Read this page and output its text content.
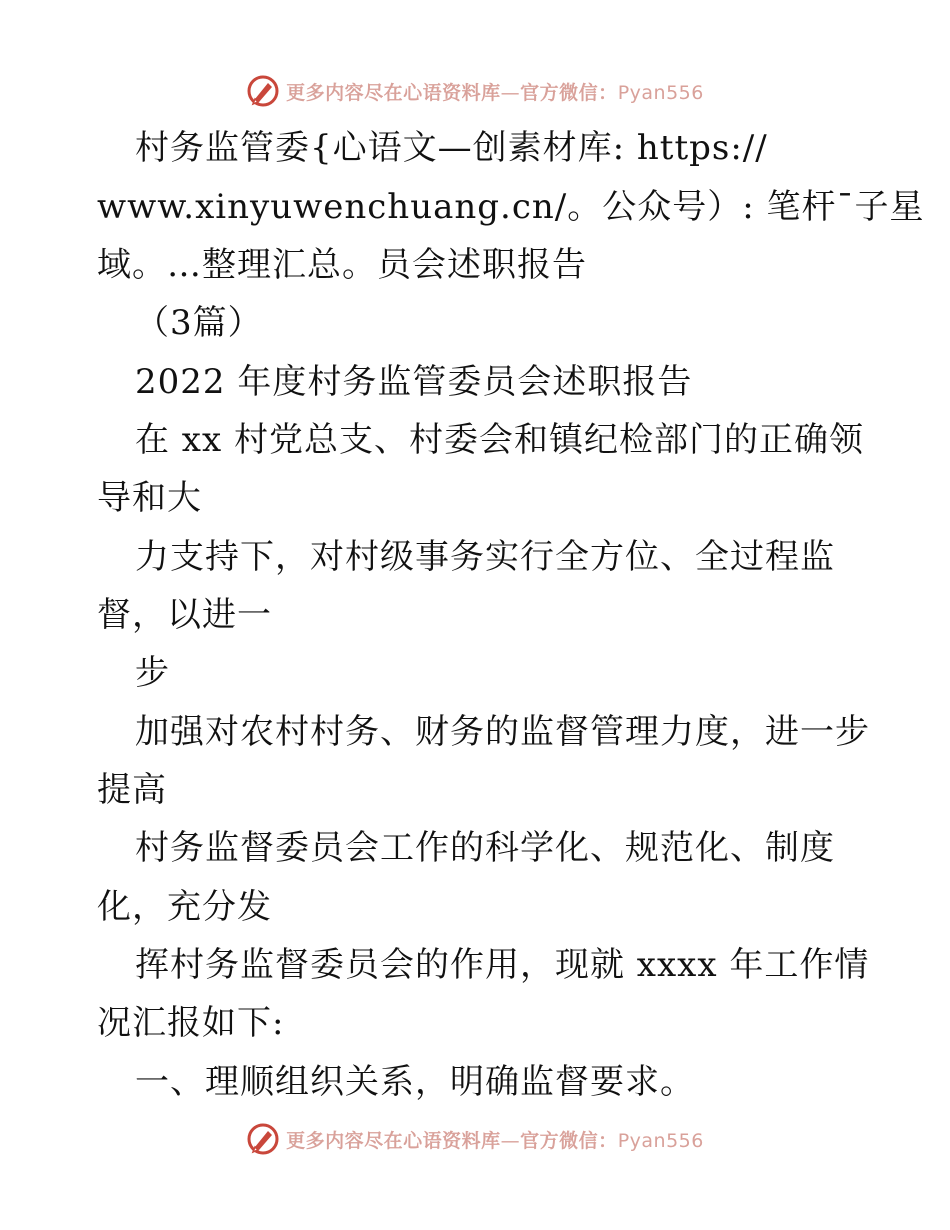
更多内容尽在心语资料库—官方微信：Pyan556
村务监管委{心语文—创素材库: https://
www.xinyuwenchuang.cn/。公众号）: 笔杆¯子星
域。…整理汇总。员会述职报告
（3篇）
2022 年度村务监管委员会述职报告
在 xx 村党总支、村委会和镇纪检部门的正确领
导和大
力支持下，对村级事务实行全方位、全过程监
督，以进一
步
加强对农村村务、财务的监督管理力度，进一步
提高
村务监督委员会工作的科学化、规范化、制度
化，充分发
挥村务监督委员会的作用，现就 xxxx 年工作情
况汇报如下:
一、理顺组织关系，明确监督要求。
更多内容尽在心语资料库—官方微信：Pyan556
